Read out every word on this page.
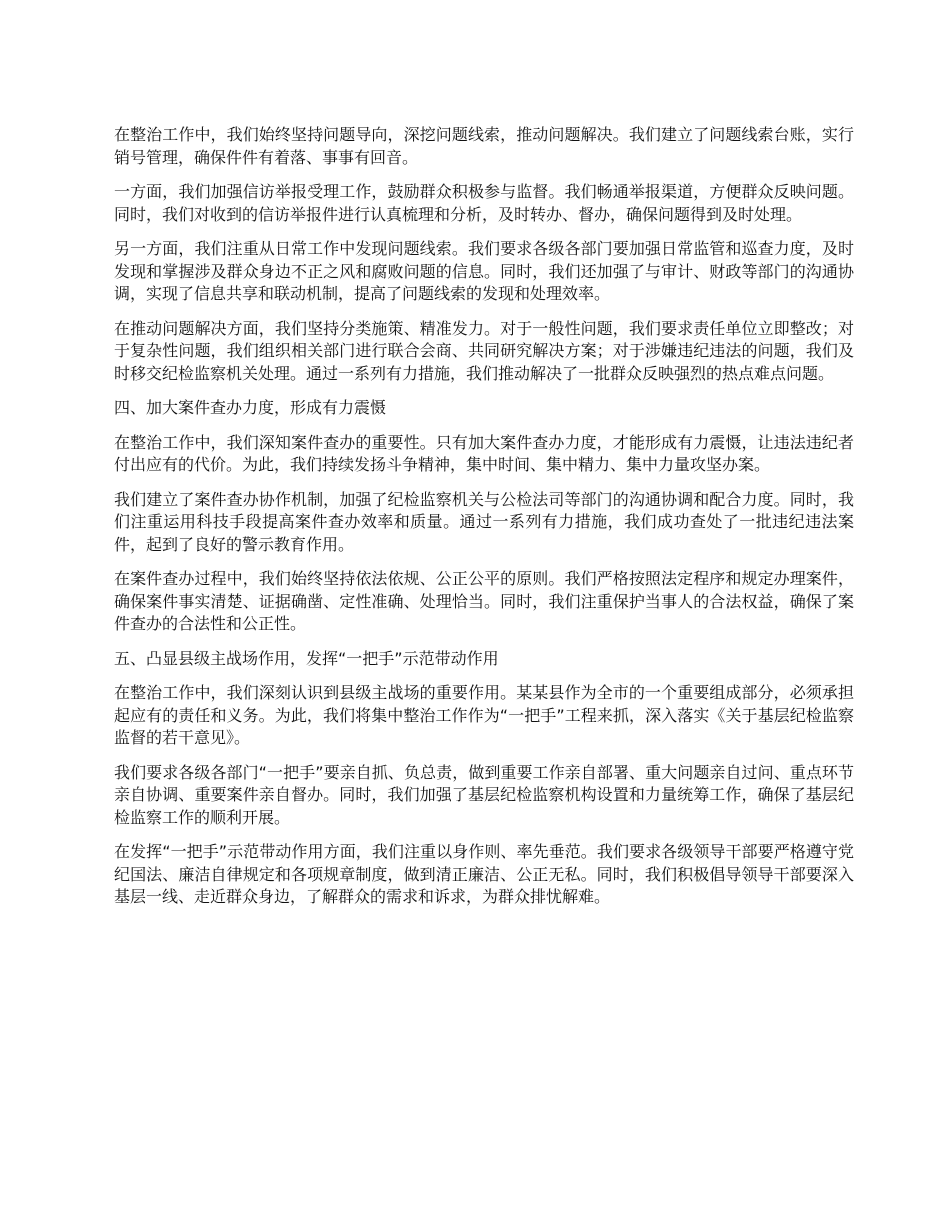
在整治工作中，我们始终坚持问题导向，深挖问题线索，推动问题解决。我们建立了问题线索台账，实行销号管理，确保件件有着落、事事有回音。

一方面，我们加强信访举报受理工作，鼓励群众积极参与监督。我们畅通举报渠道，方便群众反映问题。同时，我们对收到的信访举报件进行认真梳理和分析，及时转办、督办，确保问题得到及时处理。

另一方面，我们注重从日常工作中发现问题线索。我们要求各级各部门要加强日常监管和巡查力度，及时发现和掌握涉及群众身边不正之风和腐败问题的信息。同时，我们还加强了与审计、财政等部门的沟通协调，实现了信息共享和联动机制，提高了问题线索的发现和处理效率。

在推动问题解决方面，我们坚持分类施策、精准发力。对于一般性问题，我们要求责任单位立即整改；对于复杂性问题，我们组织相关部门进行联合会商、共同研究解决方案；对于涉嫌违纪违法的问题，我们及时移交纪检监察机关处理。通过一系列有力措施，我们推动解决了一批群众反映强烈的热点难点问题。

四、加大案件查办力度，形成有力震慑

在整治工作中，我们深知案件查办的重要性。只有加大案件查办力度，才能形成有力震慑，让违法违纪者付出应有的代价。为此，我们持续发扬斗争精神，集中时间、集中精力、集中力量攻坚办案。

我们建立了案件查办协作机制，加强了纪检监察机关与公检法司等部门的沟通协调和配合力度。同时，我们注重运用科技手段提高案件查办效率和质量。通过一系列有力措施，我们成功查处了一批违纪违法案件，起到了良好的警示教育作用。

在案件查办过程中，我们始终坚持依法依规、公正公平的原则。我们严格按照法定程序和规定办理案件，确保案件事实清楚、证据确凿、定性准确、处理恰当。同时，我们注重保护当事人的合法权益，确保了案件查办的合法性和公正性。

五、凸显县级主战场作用，发挥“一把手”示范带动作用

在整治工作中，我们深刻认识到县级主战场的重要作用。某某县作为全市的一个重要组成部分，必须承担起应有的责任和义务。为此，我们将集中整治工作作为“一把手”工程来抓，深入落实《关于基层纪检监察监督的若干意见》。

我们要求各级各部门“一把手”要亲自抓、负总责，做到重要工作亲自部署、重大问题亲自过问、重点环节亲自协调、重要案件亲自督办。同时，我们加强了基层纪检监察机构设置和力量统筹工作，确保了基层纪检监察工作的顺利开展。

在发挥“一把手”示范带动作用方面，我们注重以身作则、率先垂范。我们要求各级领导干部要严格遵守党纪国法、廉洁自律规定和各项规章制度，做到清正廉洁、公正无私。同时，我们积极倡导领导干部要深入基层一线、走近群众身边，了解群众的需求和诉求，为群众排忧解难。
